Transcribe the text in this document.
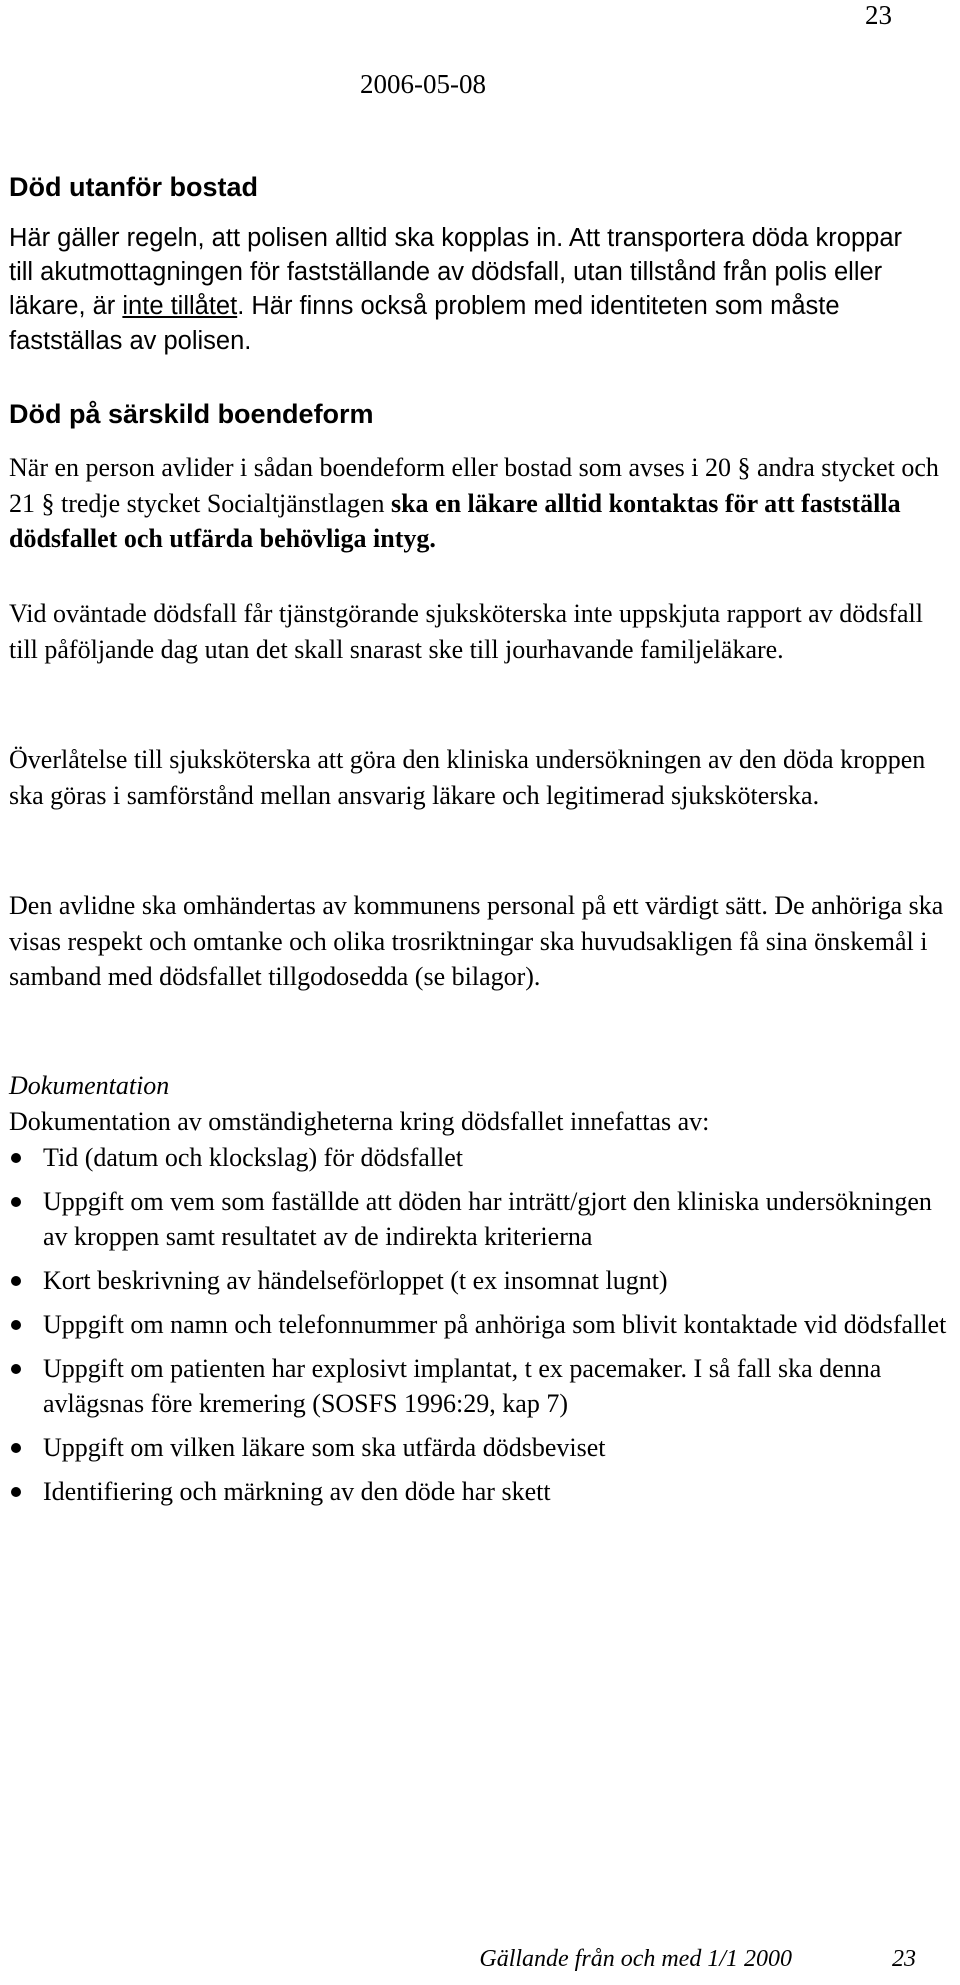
23
2006-05-08
Död utanför bostad

Här gäller regeln, att polisen alltid ska kopplas in. Att transportera döda kroppar till akutmottagningen för fastställande av dödsfall, utan tillstånd från polis eller läkare, är inte tillåtet. Här finns också problem med identiteten som måste fastställas av polisen.

Död på särskild boendeform

När en person avlider i sådan boendeform eller bostad som avses i 20 § andra stycket och 21 § tredje stycket Socialtjänstlagen ska en läkare alltid kontaktas för att fastställa dödsfallet och utfärda behövliga intyg.

Vid oväntade dödsfall får tjänstgörande sjuksköterska inte uppskjuta rapport av dödsfall till påföljande dag utan det skall snarast ske till jourhavande familjeläkare.

Överlåtelse till sjuksköterska att göra den kliniska undersökningen av den döda kroppen ska göras i samförstånd mellan ansvarig läkare och legitimerad sjuksköterska.

Den avlidne ska omhändertas av kommunens personal på ett värdigt sätt. De anhöriga ska visas respekt och omtanke och olika trosriktningar ska huvudsakligen få sina önskemål i samband med dödsfallet tillgodosedda (se bilagor).

Dokumentation
Dokumentation av omständigheterna kring dödsfallet innefattas av:
Tid (datum och klockslag) för dödsfallet
Uppgift om vem som faställde att döden har inträtt/gjort den kliniska undersökningen av kroppen samt resultatet av de indirekta kriterierna
Kort beskrivning av händelseförloppet (t ex insomnat lugnt)
Uppgift om namn och telefonnummer på anhöriga som blivit kontaktade vid dödsfallet
Uppgift om patienten har explosivt implantat, t ex pacemaker. I så fall ska denna avlägsnas före kremering (SOSFS 1996:29, kap 7)
Uppgift om vilken läkare som ska utfärda dödsbeviset
Identifiering och märkning av den döde har skett
Gällande från och med 1/1 2000	23
